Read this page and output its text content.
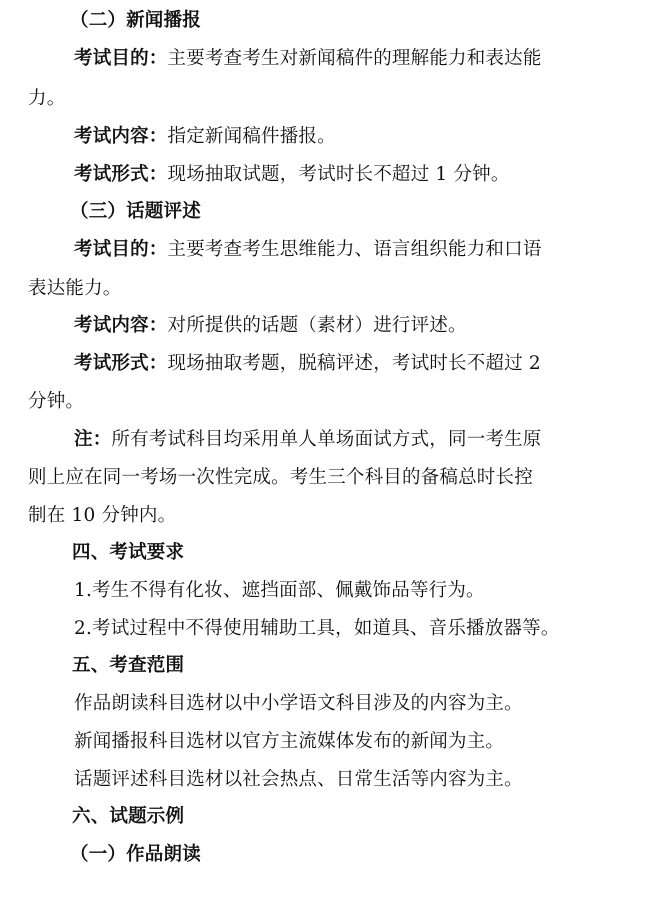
（二）新闻播报
考试目的：主要考查考生对新闻稿件的理解能力和表达能
力。
考试内容：指定新闻稿件播报。
考试形式：现场抽取试题，考试时长不超过 1 分钟。
（三）话题评述
考试目的：主要考查考生思维能力、语言组织能力和口语
表达能力。
考试内容：对所提供的话题（素材）进行评述。
考试形式：现场抽取考题，脱稿评述，考试时长不超过 2
分钟。
注：所有考试科目均采用单人单场面试方式，同一考生原
则上应在同一考场一次性完成。考生三个科目的备稿总时长控
制在 10 分钟内。
四、考试要求
1.考生不得有化妆、遮挡面部、佩戴饰品等行为。
2.考试过程中不得使用辅助工具，如道具、音乐播放器等。
五、考查范围
作品朗读科目选材以中小学语文科目涉及的内容为主。
新闻播报科目选材以官方主流媒体发布的新闻为主。
话题评述科目选材以社会热点、日常生活等内容为主。
六、试题示例
（一）作品朗读
